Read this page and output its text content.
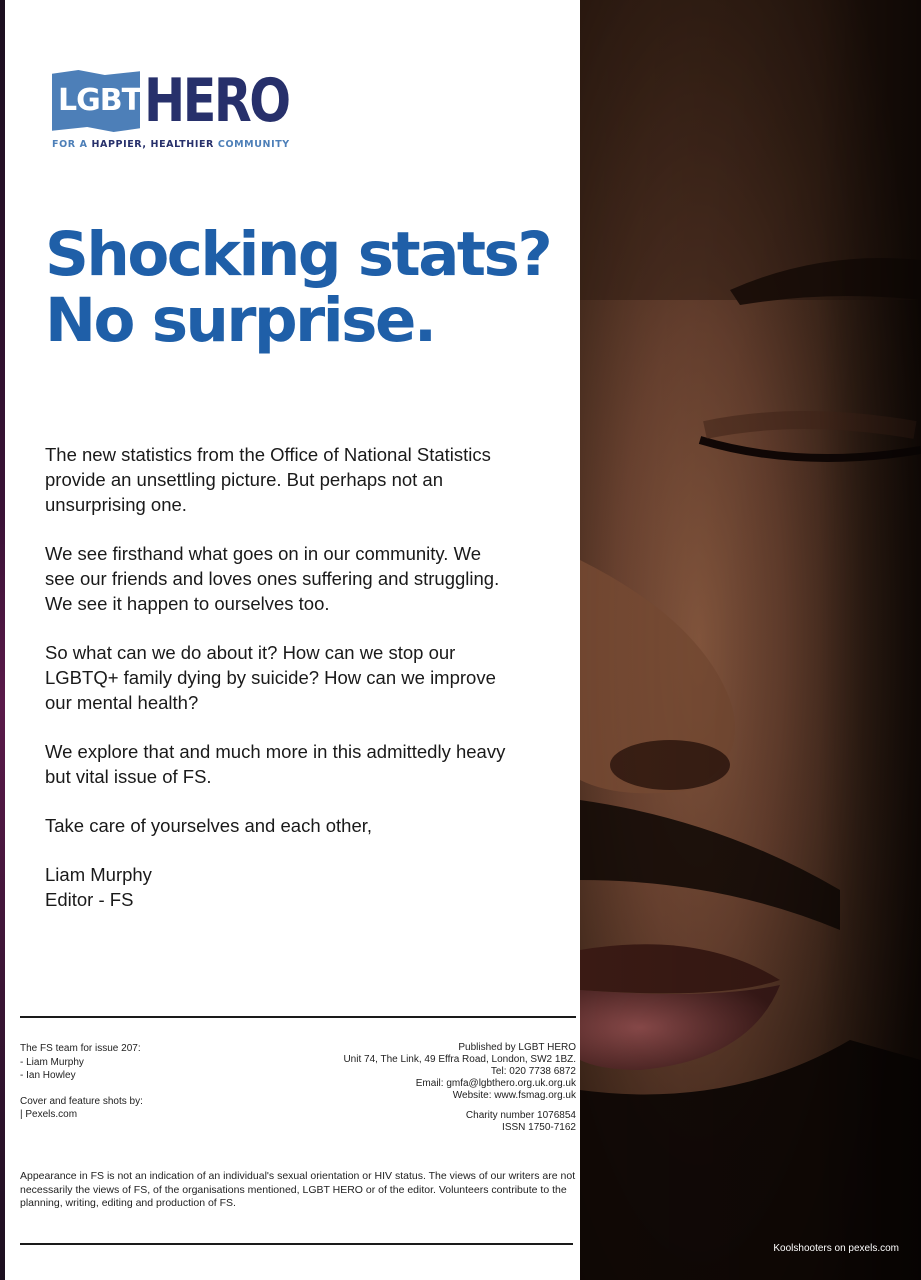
LGBT HERO
FOR A HAPPIER, HEALTHIER COMMUNITY
Shocking stats?
No surprise.

The new statistics from the Office of National Statistics
provide an unsettling picture. But perhaps not an
unsurprising one.

We see firsthand what goes on in our community. We
see our friends and loves ones suffering and struggling.
We see it happen to ourselves too.

So what can we do about it? How can we stop our
LGBTQ+ family dying by suicide? How can we improve
our mental health?

We explore that and much more in this admittedly heavy
but vital issue of FS.

Take care of yourselves and each other,

Liam Murphy
Editor - FS

The FS team for issue 207:
- Liam Murphy
- Ian Howley
Cover and feature shots by:
| Pexels.com
Published by LGBT HERO
Unit 74, The Link, 49 Effra Road, London, SW2 1BZ.
Tel: 020 7738 6872
Email: gmfa@lgbthero.org.uk.org.uk
Website: www.fsmag.org.uk
Charity number 1076854
ISSN 1750-7162

Appearance in FS is not an indication of an individual's sexual orientation or HIV status. The views of our writers are not necessarily the views of FS, of the organisations mentioned, LGBT HERO or of the editor. Volunteers contribute to the planning, writing, editing and production of FS.

Koolshooters on pexels.com
